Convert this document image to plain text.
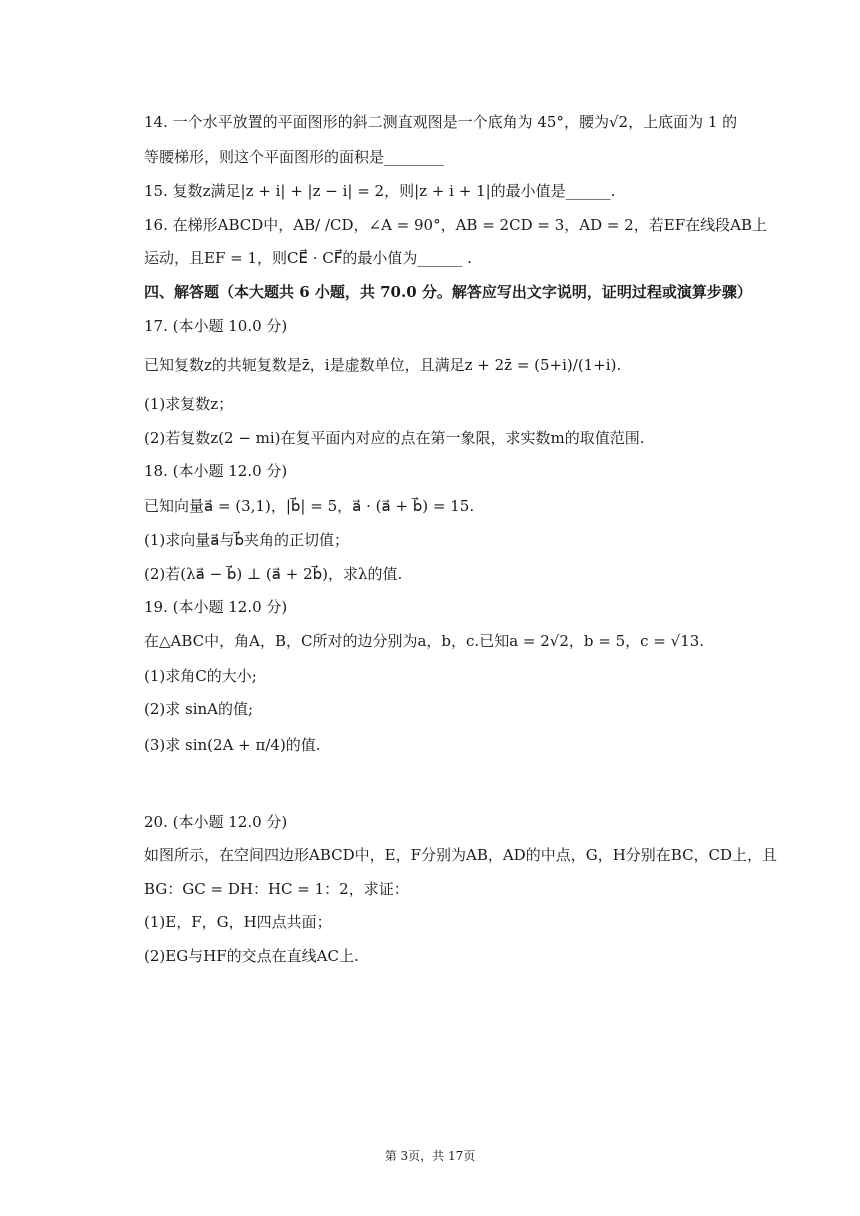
14. 一个水平放置的平面图形的斜二测直观图是一个底角为 45°，腰为√2，上底面为 1 的
等腰梯形，则这个平面图形的面积是________
15. 复数z满足|z + i| + |z − i| = 2，则|z + i + 1|的最小值是______.
16. 在梯形ABCD中，AB/ /CD，∠A = 90°，AB = 2CD = 3，AD = 2，若EF在线段AB上
运动，且EF = 1，则CE⃗ · CF⃗的最小值为______ .
四、解答题（本大题共 6 小题，共 70.0 分。解答应写出文字说明，证明过程或演算步骤）
17. (本小题 10.0 分)
已知复数z的共轭复数是z̄，i是虚数单位，且满足z + 2z̄ = (5+i)/(1+i).
(1)求复数z；
(2)若复数z(2 − mi)在复平面内对应的点在第一象限，求实数m的取值范围.
18. (本小题 12.0 分)
已知向量a⃗ = (3,1)，|b⃗| = 5，a⃗ · (a⃗ + b⃗) = 15.
(1)求向量a⃗与b⃗夹角的正切值；
(2)若(λa⃗ − b⃗) ⊥ (a⃗ + 2b⃗)，求λ的值.
19. (本小题 12.0 分)
在△ABC中，角A，B，C所对的边分别为a，b，c.已知a = 2√2，b = 5，c = √13.
(1)求角C的大小;
(2)求 sinA的值;
(3)求 sin(2A + π/4)的值.
20. (本小题 12.0 分)
如图所示，在空间四边形ABCD中，E，F分别为AB，AD的中点，G，H分别在BC，CD上，且
BG：GC = DH：HC = 1：2，求证：
(1)E，F，G，H四点共面；
(2)EG与HF的交点在直线AC上.
第 3页，共 17页
